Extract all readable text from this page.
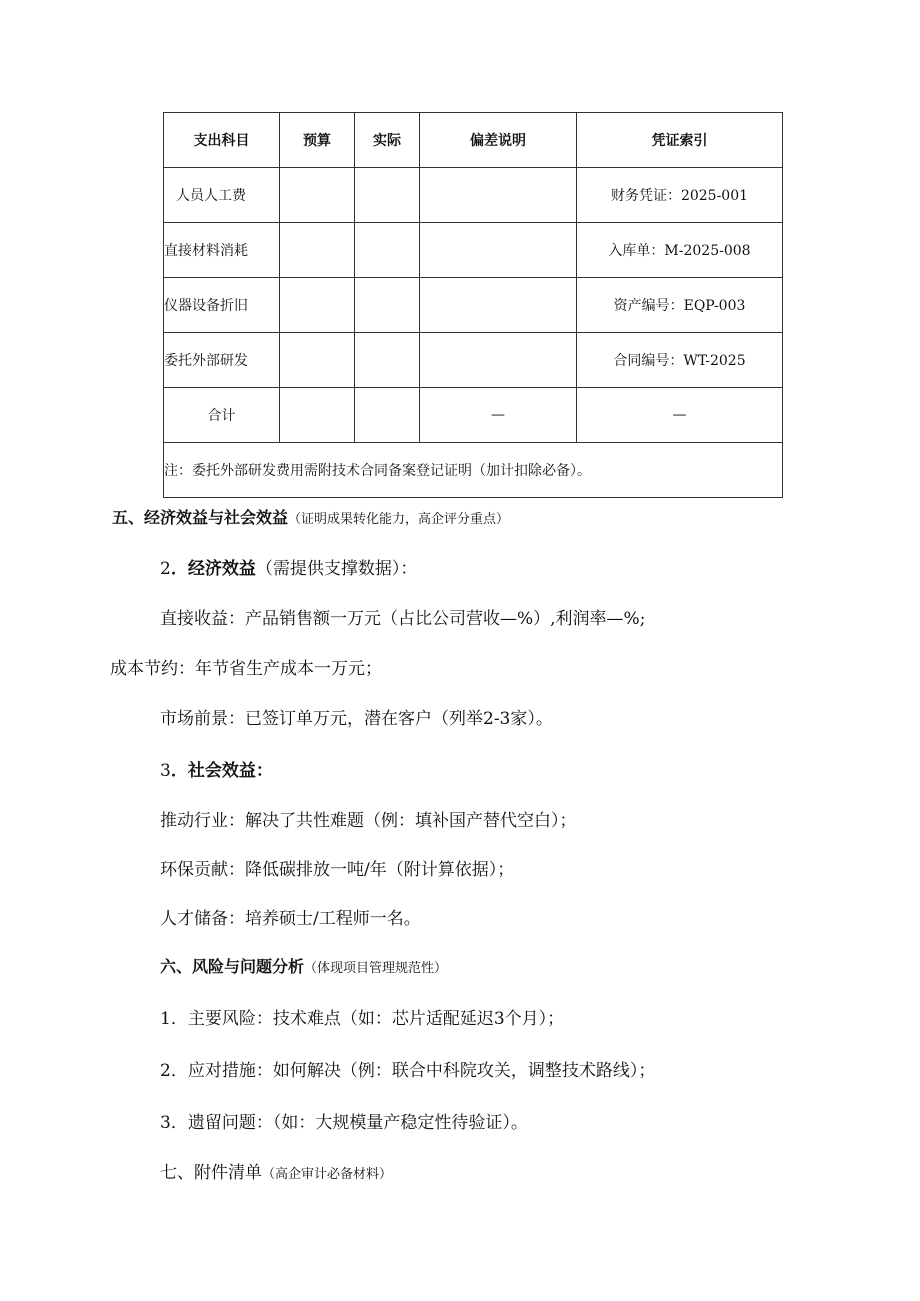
支出科目	预算	实际	偏差说明	凭证索引
人员人工费				财务凭证：2025-001
直接材料消耗				入库单：M-2025-008
仪器设备折旧				资产编号：EQP-003
委托外部研发				合同编号：WT-2025
合计			—	—
注：委托外部研发费用需附技术合同备案登记证明（加计扣除必备）。				
五、经济效益与社会效益（证明成果转化能力，高企评分重点）
2．经济效益（需提供支撑数据）：
直接收益：产品销售额一万元（占比公司营收—%）,利润率—%;
成本节约：年节省生产成本一万元；
市场前景：已签订单万元，潜在客户（列举2-3家）。
3．社会效益：
推动行业：解决了共性难题（例：填补国产替代空白）；
环保贡献：降低碳排放一吨/年（附计算依据）；
人才储备：培养硕士/工程师一名。
六、风险与问题分析（体现项目管理规范性）
1．主要风险：技术难点（如：芯片适配延迟3个月）；
2．应对措施：如何解决（例：联合中科院攻关，调整技术路线）；
3．遗留问题：（如：大规模量产稳定性待验证）。
七、附件清单（高企审计必备材料）
